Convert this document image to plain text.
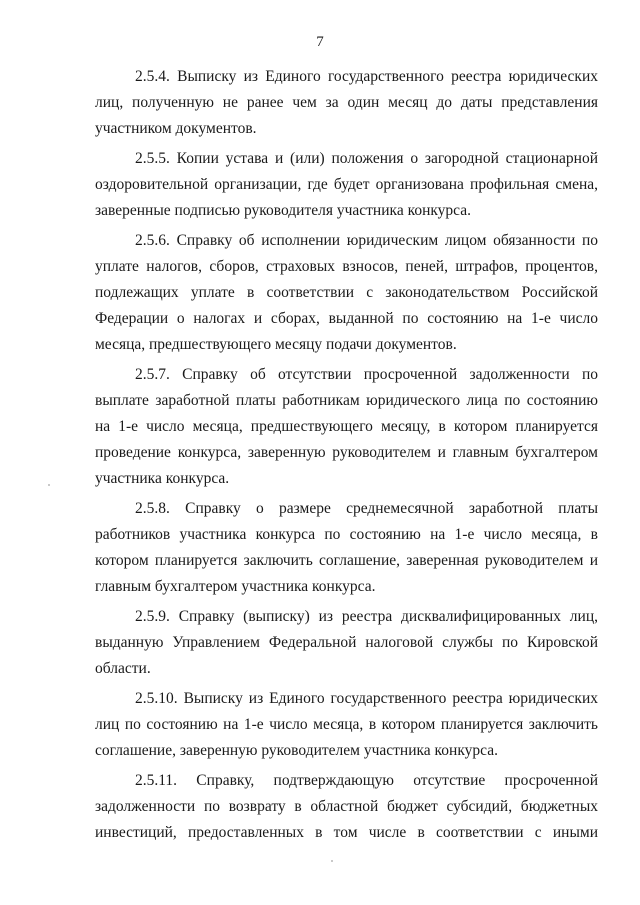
7

2.5.4. Выписку из Единого государственного реестра юридических лиц, полученную не ранее чем за один месяц до даты представления участником документов.

2.5.5. Копии устава и (или) положения о загородной стационарной оздоровительной организации, где будет организована профильная смена, заверенные подписью руководителя участника конкурса.

2.5.6. Справку об исполнении юридическим лицом обязанности по уплате налогов, сборов, страховых взносов, пеней, штрафов, процентов, подлежащих уплате в соответствии с законодательством Российской Федерации о налогах и сборах, выданной по состоянию на 1-е число месяца, предшествующего месяцу подачи документов.

2.5.7. Справку об отсутствии просроченной задолженности по выплате заработной платы работникам юридического лица по состоянию на 1-е число месяца, предшествующего месяцу, в котором планируется проведение конкурса, заверенную руководителем и главным бухгалтером участника конкурса.

2.5.8. Справку о размере среднемесячной заработной платы работников участника конкурса по состоянию на 1-е число месяца, в котором планируется заключить соглашение, заверенная руководителем и главным бухгалтером участника конкурса.

2.5.9. Справку (выписку) из реестра дисквалифицированных лиц, выданную Управлением Федеральной налоговой службы по Кировской области.

2.5.10. Выписку из Единого государственного реестра юридических лиц по состоянию на 1-е число месяца, в котором планируется заключить соглашение, заверенную руководителем участника конкурса.

2.5.11. Справку, подтверждающую отсутствие просроченной задолженности по возврату в областной бюджет субсидий, бюджетных инвестиций, предоставленных в том числе в соответствии с иными
